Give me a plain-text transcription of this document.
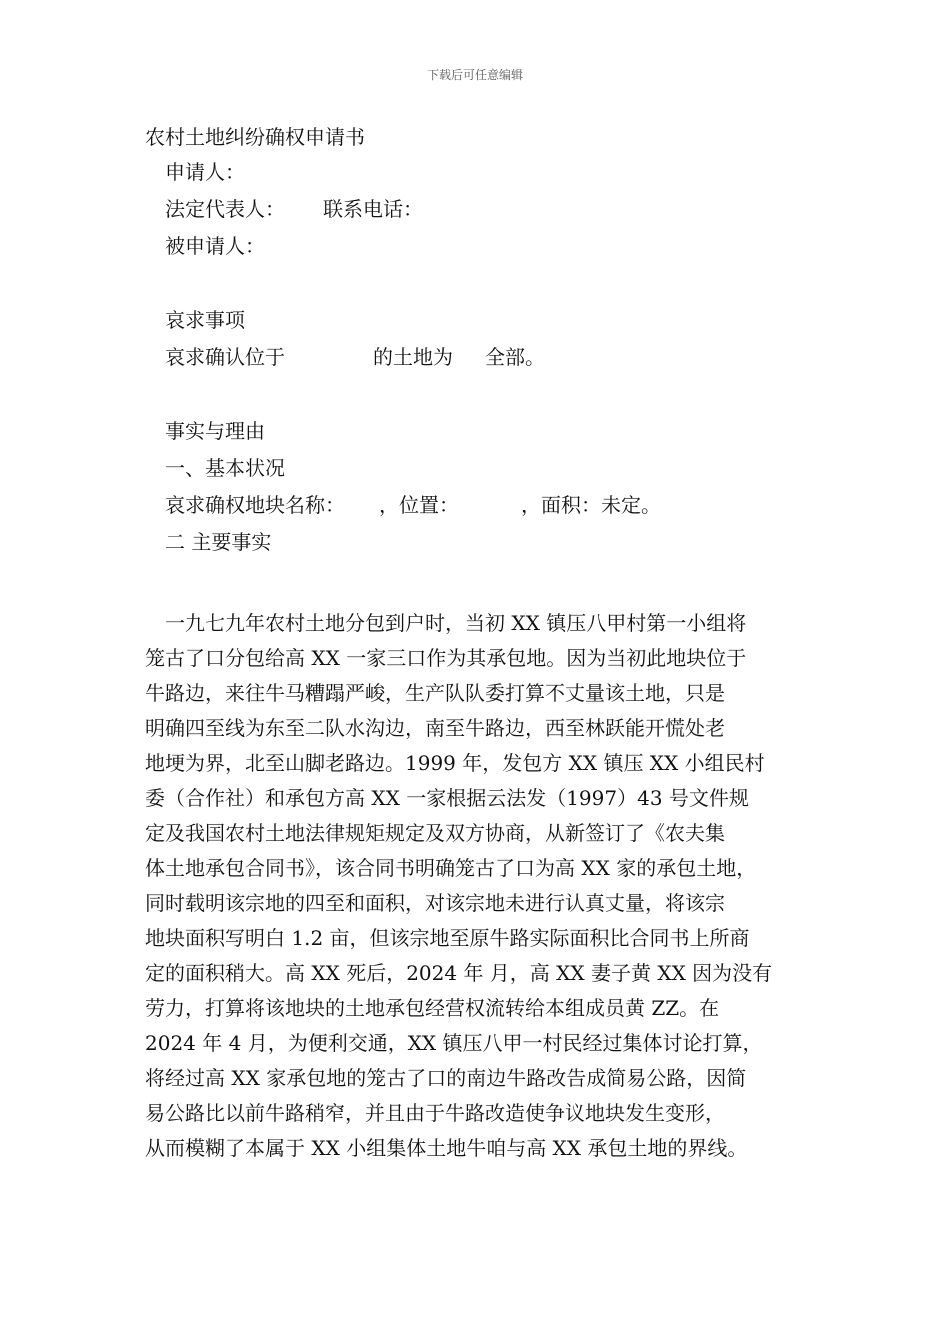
下载后可任意编辑
农村土地纠纷确权申请书
申请人：
法定代表人： 联系电话：
被申请人：
哀求事项
哀求确认位于	的土地为 全部。
事实与理由
一、基本状况
哀求确权地块名称： ，位置：	，面积：未定。
二 主要事实
一九七九年农村土地分包到户时，当初 XX 镇压八甲村第一小组将
笼古了口分包给高 XX 一家三口作为其承包地。因为当初此地块位于
牛路边，来往牛马糟蹋严峻，生产队队委打算不丈量该土地，只是
明确四至线为东至二队水沟边，南至牛路边，西至林跃能开慌处老
地埂为界，北至山脚老路边。1999 年，发包方 XX 镇压 XX 小组民村
委（合作社）和承包方高 XX 一家根据云法发（1997）43 号文件规
定及我国农村土地法律规矩规定及双方协商，从新签订了《农夫集
体土地承包合同书》，该合同书明确笼古了口为高 XX 家的承包土地，
同时载明该宗地的四至和面积，对该宗地未进行认真丈量，将该宗
地块面积写明白 1.2 亩，但该宗地至原牛路实际面积比合同书上所商
定的面积稍大。高 XX 死后，2024 年 月，高 XX 妻子黄 XX 因为没有
劳力，打算将该地块的土地承包经营权流转给本组成员黄 ZZ。在
2024 年 4 月，为便利交通，XX 镇压八甲一村民经过集体讨论打算，
将经过高 XX 家承包地的笼古了口的南边牛路改告成简易公路，因简
易公路比以前牛路稍窄，并且由于牛路改造使争议地块发生变形，
从而模糊了本属于 XX 小组集体土地牛咱与高 XX 承包土地的界线。
